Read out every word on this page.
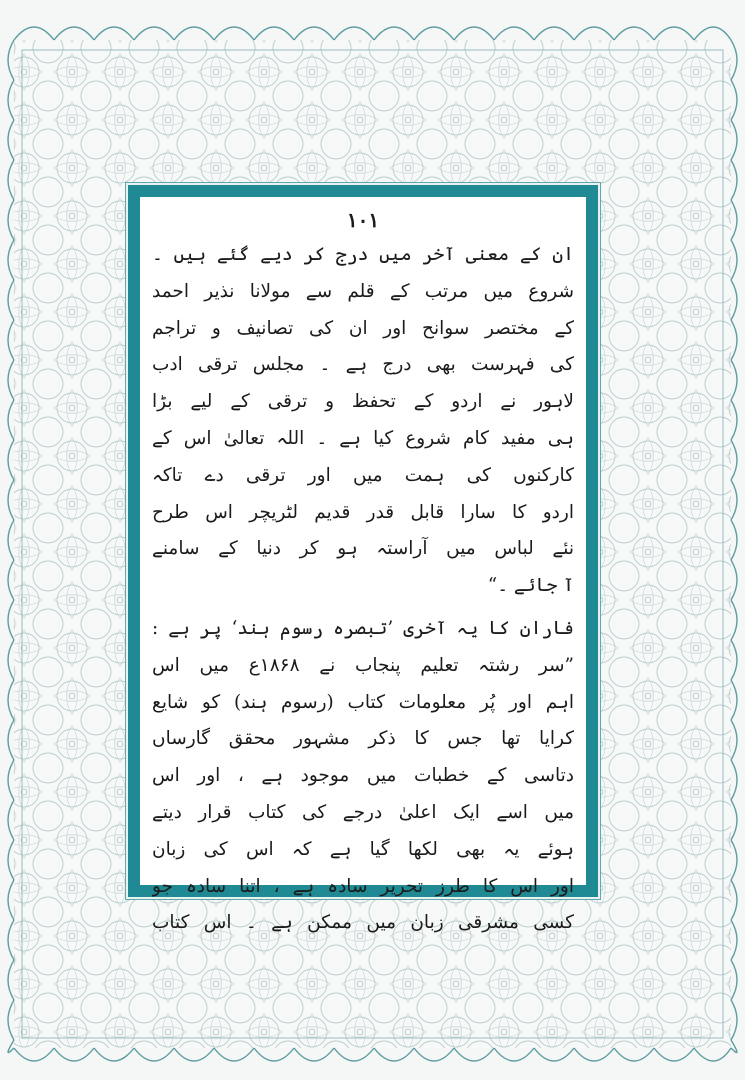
۱۰۱
ان کے معنی آخر میں درج کر دیے گئے ہیں ۔
شروع میں مرتب کے قلم سے مولانا نذیر احمد
کے مختصر سوانح اور ان کی تصانیف و تراجم
کی فہرست بھی درج ہے ۔ مجلس ترقی ادب
لاہور نے اردو کے تحفظ و ترقی کے لیے بڑا
ہی مفید کام شروع کیا ہے ۔ اللہ تعالیٰ اس کے
کارکنوں کی ہمت میں اور ترقی دے تاکہ
اردو کا سارا قابل قدر قدیم لٹریچر اس طرح
نئے لباس میں آراستہ ہو کر دنیا کے سامنے
آ جائے ۔“
فاران کا یہ آخری ’تبصرہ رسوم ہند‘ پر ہے :
”سر رشتہ تعلیم پنجاب نے ۱۸۶۸ع میں اس
اہم اور پُر معلومات کتاب (رسوم ہند) کو شایع
کرایا تھا جس کا ذکر مشہور محقق گارساں
دتاسی کے خطبات میں موجود ہے ، اور اس
میں اسے ایک اعلیٰ درجے کی کتاب قرار دیتے
ہوئے یہ بھی لکھا گیا ہے کہ اس کی زبان
اور اس کا طرز تحریر سادہ ہے ، اتنا سادہ جو
کسی مشرقی زبان میں ممکن ہے ۔ اس کتاب
